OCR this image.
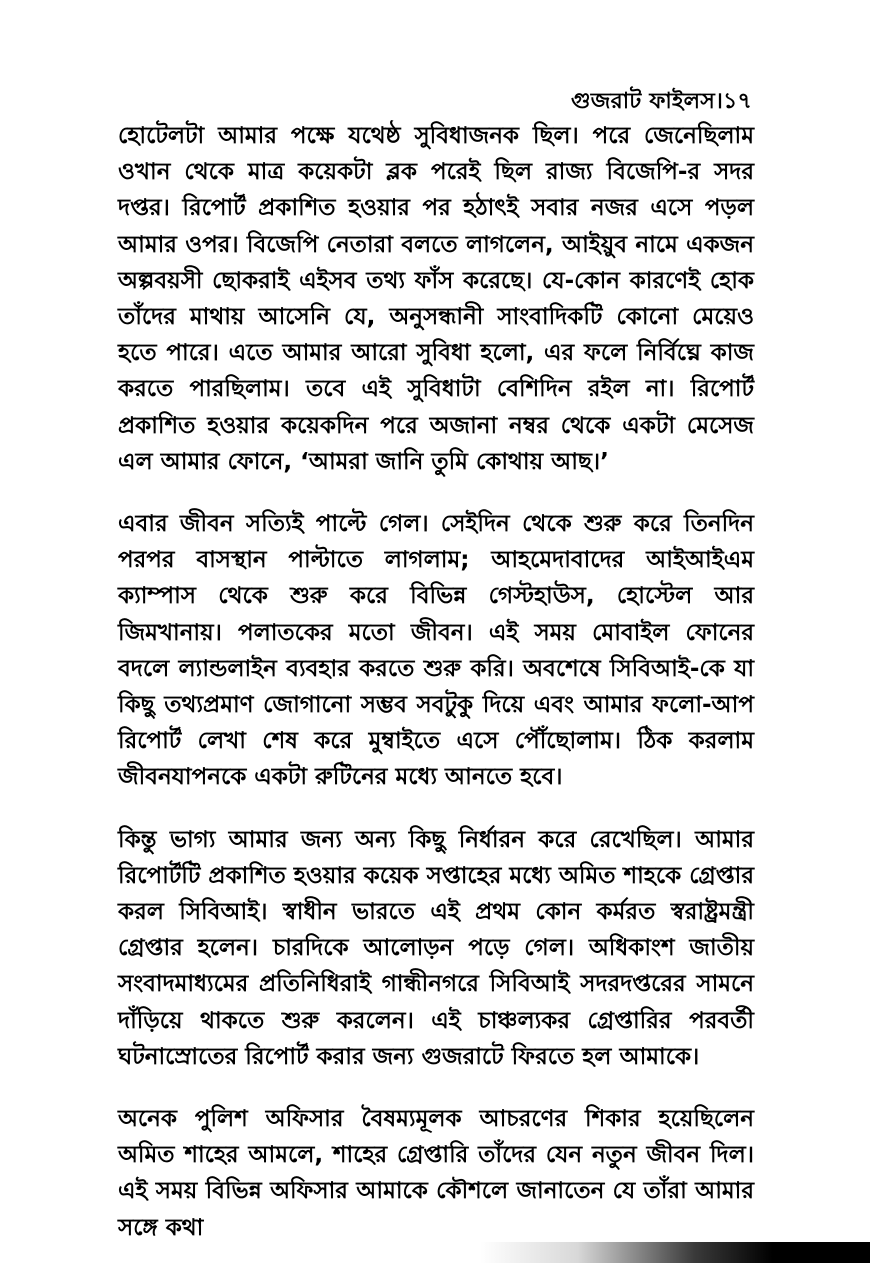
গুজরাট ফাইলস।১৭

হোটেলটা আমার পক্ষে যথেষ্ঠ সুবিধাজনক ছিল। পরে জেনেছিলাম ওখান থেকে মাত্র কয়েকটা ব্লক পরেই ছিল রাজ্য বিজেপি-র সদর দপ্তর। রিপোর্ট প্রকাশিত হওয়ার পর হঠাৎই সবার নজর এসে পড়ল আমার ওপর। বিজেপি নেতারা বলতে লাগলেন, আইয়ুব নামে একজন অল্পবয়সী ছোকরাই এইসব তথ্য ফাঁস করেছে। যে-কোন কারণেই হোক তাঁদের মাথায় আসেনি যে, অনুসন্ধানী সাংবাদিকটি কোনো মেয়েও হতে পারে। এতে আমার আরো সুবিধা হলো, এর ফলে নির্বিঘ্নে কাজ করতে পারছিলাম। তবে এই সুবিধাটা বেশিদিন রইল না। রিপোর্ট প্রকাশিত হওয়ার কয়েকদিন পরে অজানা নম্বর থেকে একটা মেসেজ এল আমার ফোনে, ‘আমরা জানি তুমি কোথায় আছ।’

এবার জীবন সত্যিই পাল্টে গেল। সেইদিন থেকে শুরু করে তিনদিন পরপর বাসস্থান পাল্টাতে লাগলাম; আহমেদাবাদের আইআইএম ক্যাম্পাস থেকে শুরু করে বিভিন্ন গেস্টহাউস, হোস্টেল আর জিমখানায়। পলাতকের মতো জীবন। এই সময় মোবাইল ফোনের বদলে ল্যান্ডলাইন ব্যবহার করতে শুরু করি। অবশেষে সিবিআই-কে যা কিছু তথ্যপ্রমাণ জোগানো সম্ভব সবটুকু দিয়ে এবং আমার ফলো-আপ রিপোর্ট লেখা শেষ করে মুম্বাইতে এসে পৌঁছোলাম। ঠিক করলাম জীবনযাপনকে একটা রুটিনের মধ্যে আনতে হবে।

কিন্তু ভাগ্য আমার জন্য অন্য কিছু নির্ধারন করে রেখেছিল। আমার রিপোর্টটি প্রকাশিত হওয়ার কয়েক সপ্তাহের মধ্যে অমিত শাহকে গ্রেপ্তার করল সিবিআই। স্বাধীন ভারতে এই প্রথম কোন কর্মরত স্বরাষ্ট্রমন্ত্রী গ্রেপ্তার হলেন। চারদিকে আলোড়ন পড়ে গেল। অধিকাংশ জাতীয় সংবাদমাধ্যমের প্রতিনিধিরাই গান্ধীনগরে সিবিআই সদরদপ্তরের সামনে দাঁড়িয়ে থাকতে শুরু করলেন। এই চাঞ্চল্যকর গ্রেপ্তারির পরবর্তী ঘটনাস্রোতের রিপোর্ট করার জন্য গুজরাটে ফিরতে হল আমাকে।

অনেক পুলিশ অফিসার বৈষম্যমূলক আচরণের শিকার হয়েছিলেন অমিত শাহের আমলে, শাহের গ্রেপ্তারি তাঁদের যেন নতুন জীবন দিল। এই সময় বিভিন্ন অফিসার আমাকে কৌশলে জানাতেন যে তাঁরা আমার সঙ্গে কথা
